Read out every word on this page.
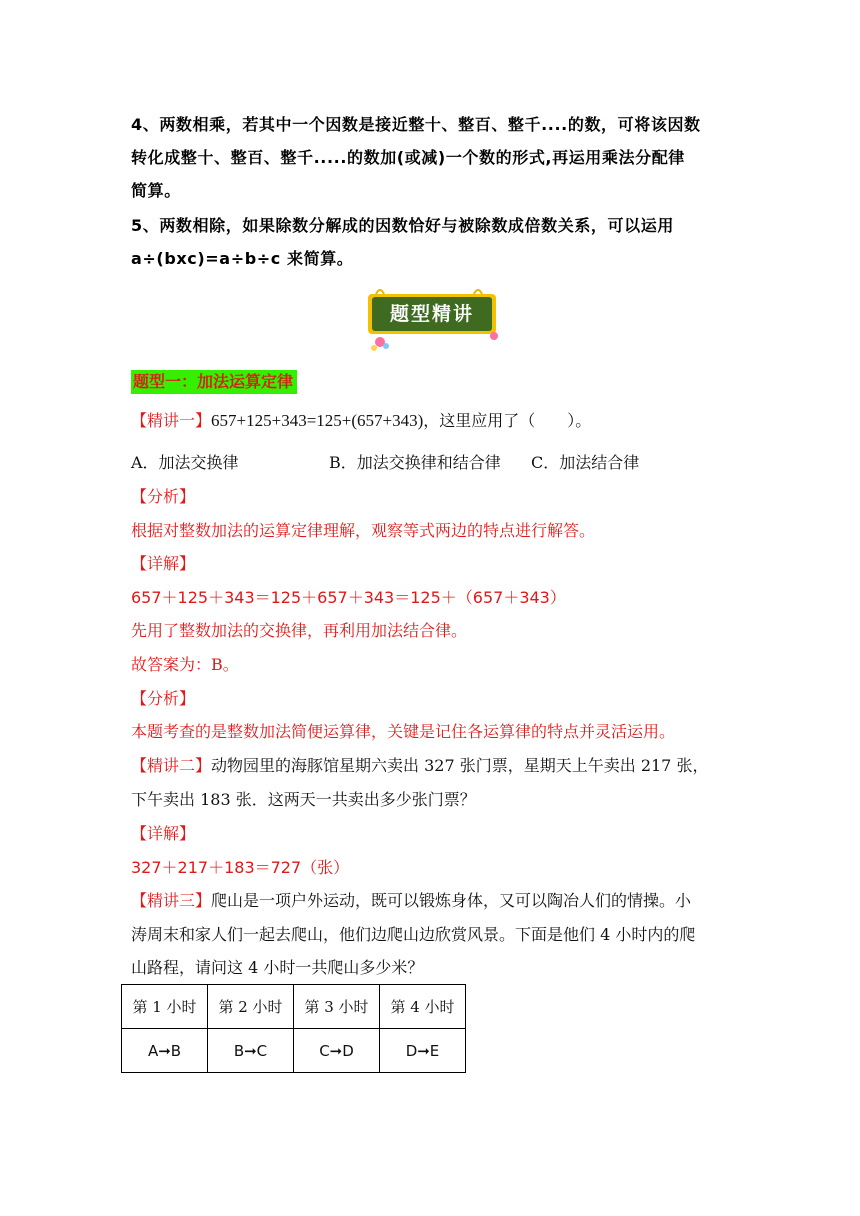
4、两数相乘，若其中一个因数是接近整十、整百、整千....的数，可将该因数
转化成整十、整百、整千.....的数加(或减)一个数的形式,再运用乘法分配律
简算。
5、两数相除，如果除数分解成的因数恰好与被除数成倍数关系，可以运用
a÷(bxc)=a÷b÷c 来简算。
题型精讲
题型一：加法运算定律
【精讲一】657+125+343=125+(657+343)，这里应用了（　　）。
A．加法交换律	B．加法交换律和结合律 C．加法结合律
【分析】
根据对整数加法的运算定律理解，观察等式两边的特点进行解答。
【详解】
657＋125＋343＝125＋657＋343＝125＋（657＋343）
先用了整数加法的交换律，再利用加法结合律。
故答案为：B。
【分析】
本题考查的是整数加法简便运算律，关键是记住各运算律的特点并灵活运用。
【精讲二】动物园里的海豚馆星期六卖出 327 张门票，星期天上午卖出 217 张，
下午卖出 183 张．这两天一共卖出多少张门票？
【详解】
327＋217＋183＝727（张）
【精讲三】爬山是一项户外运动，既可以锻炼身体，又可以陶冶人们的情操。小
涛周末和家人们一起去爬山，他们边爬山边欣赏风景。下面是他们 4 小时内的爬
山路程，请问这 4 小时一共爬山多少米？
第 1 小时	第 2 小时	第 3 小时	第 4 小时
A➞B	B➞C	C➞D	D➞E
